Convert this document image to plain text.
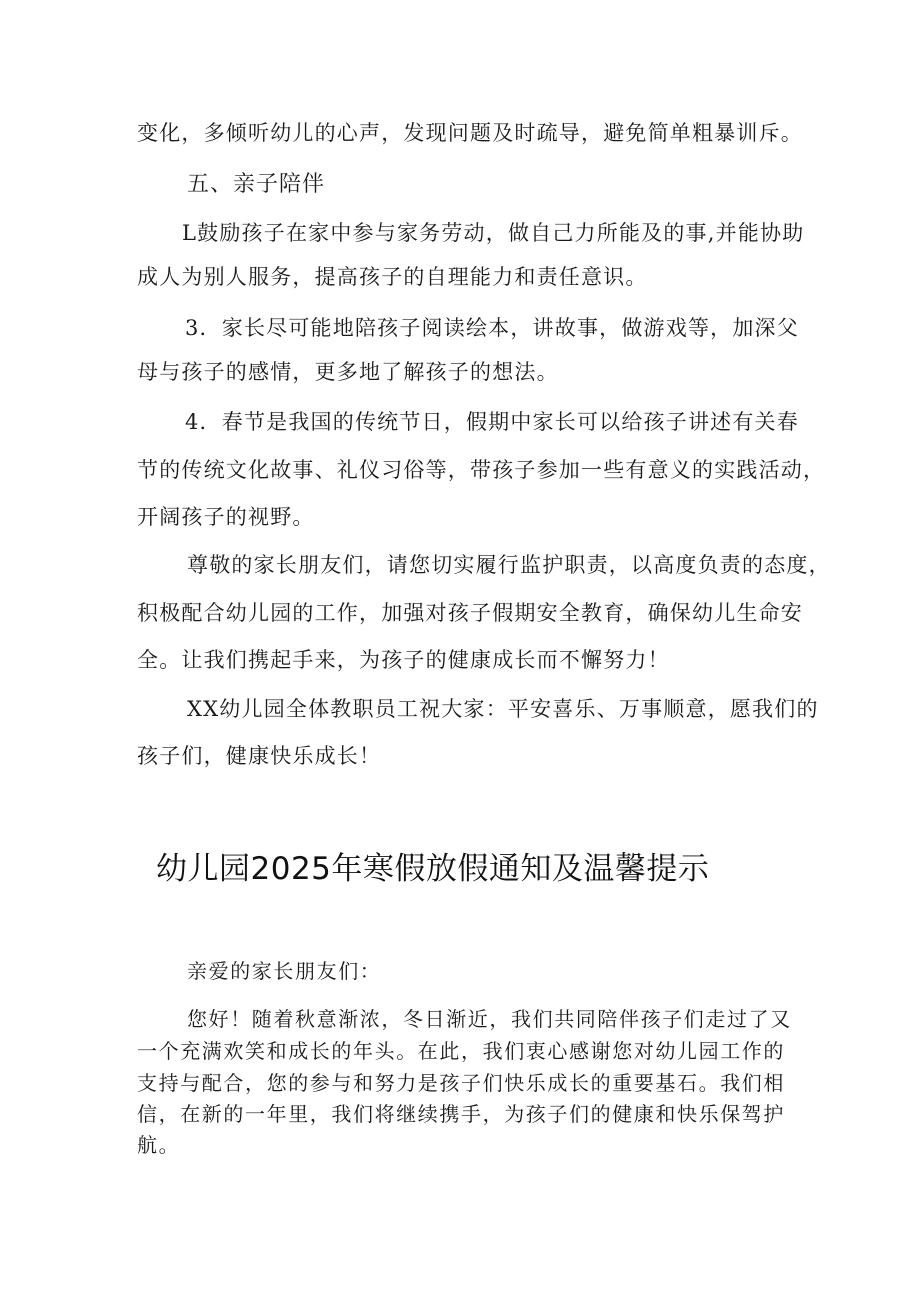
变化，多倾听幼儿的心声，发现问题及时疏导，避免简单粗暴训斥。
五、亲子陪伴
L鼓励孩子在家中参与家务劳动，做自己力所能及的事,并能协助
成人为别人服务，提高孩子的自理能力和责任意识。
3．家长尽可能地陪孩子阅读绘本，讲故事，做游戏等，加深父
母与孩子的感情，更多地了解孩子的想法。
4．春节是我国的传统节日，假期中家长可以给孩子讲述有关春
节的传统文化故事、礼仪习俗等，带孩子参加一些有意义的实践活动，
开阔孩子的视野。
尊敬的家长朋友们，请您切实履行监护职责，以高度负责的态度，
积极配合幼儿园的工作，加强对孩子假期安全教育，确保幼儿生命安
全。让我们携起手来，为孩子的健康成长而不懈努力！
XX幼儿园全体教职员工祝大家：平安喜乐、万事顺意，愿我们的
孩子们，健康快乐成长！
幼儿园2025年寒假放假通知及温馨提示
亲爱的家长朋友们：
您好！随着秋意渐浓，冬日渐近，我们共同陪伴孩子们走过了又
一个充满欢笑和成长的年头。在此，我们衷心感谢您对幼儿园工作的
支持与配合，您的参与和努力是孩子们快乐成长的重要基石。我们相
信，在新的一年里，我们将继续携手，为孩子们的健康和快乐保驾护
航。
